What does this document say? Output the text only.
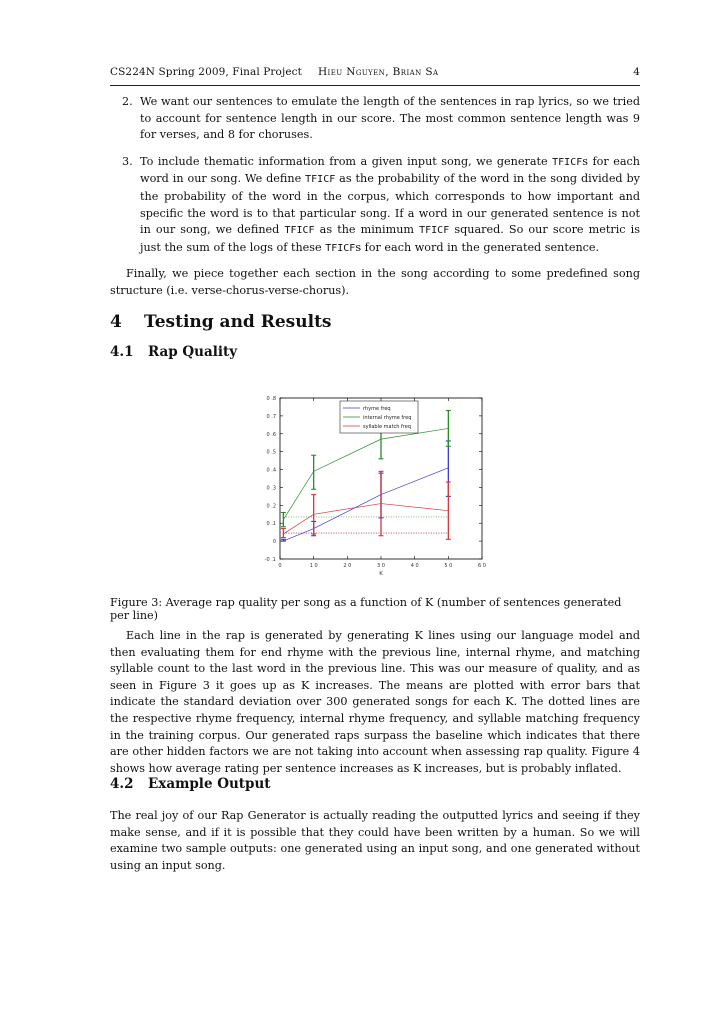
CS224N Spring 2009, Final Project Hieu Nguyen, Brian Sa	4
2. We want our sentences to emulate the length of the sentences in rap lyrics, so we tried to account for sentence length in our score. The most common sentence length was 9 for verses, and 8 for choruses.
3. To include thematic information from a given input song, we generate TFICFs for each word in our song. We define TFICF as the probability of the word in the song divided by the probability of the word in the corpus, which corresponds to how important and specific the word is to that particular song. If a word in our generated sentence is not in our song, we defined TFICF as the minimum TFICF squared. So our score metric is just the sum of the logs of these TFICFs for each word in the generated sentence.

Finally, we piece together each section in the song according to some predefined song structure (i.e. verse-chorus-verse-chorus).

4 Testing and Results
4.1 Rap Quality
-0 .1
0
0 .1
0 .2
0 .3
0 .4
0 .5
0 .6
0 .7
0 .8
0	1 0	2 0	3 0	4 0	5 0	6 0
K
rhyme freq
internal rhyme freq
syllable match freq

Figure 3: Average rap quality per song as a function of K (number of sentences generated per line)

Each line in the rap is generated by generating K lines using our language model and then evaluating them for end rhyme with the previous line, internal rhyme, and matching syllable count to the last word in the previous line. This was our measure of quality, and as seen in Figure 3 it goes up as K increases. The means are plotted with error bars that indicate the standard deviation over 300 generated songs for each K. The dotted lines are the respective rhyme frequency, internal rhyme frequency, and syllable matching frequency in the training corpus. Our generated raps surpass the baseline which indicates that there are other hidden factors we are not taking into account when assessing rap quality. Figure 4 shows how average rating per sentence increases as K increases, but is probably inflated.

4.2 Example Output

The real joy of our Rap Generator is actually reading the outputted lyrics and seeing if they make sense, and if it is possible that they could have been written by a human. So we will examine two sample outputs: one generated using an input song, and one generated without using an input song.
